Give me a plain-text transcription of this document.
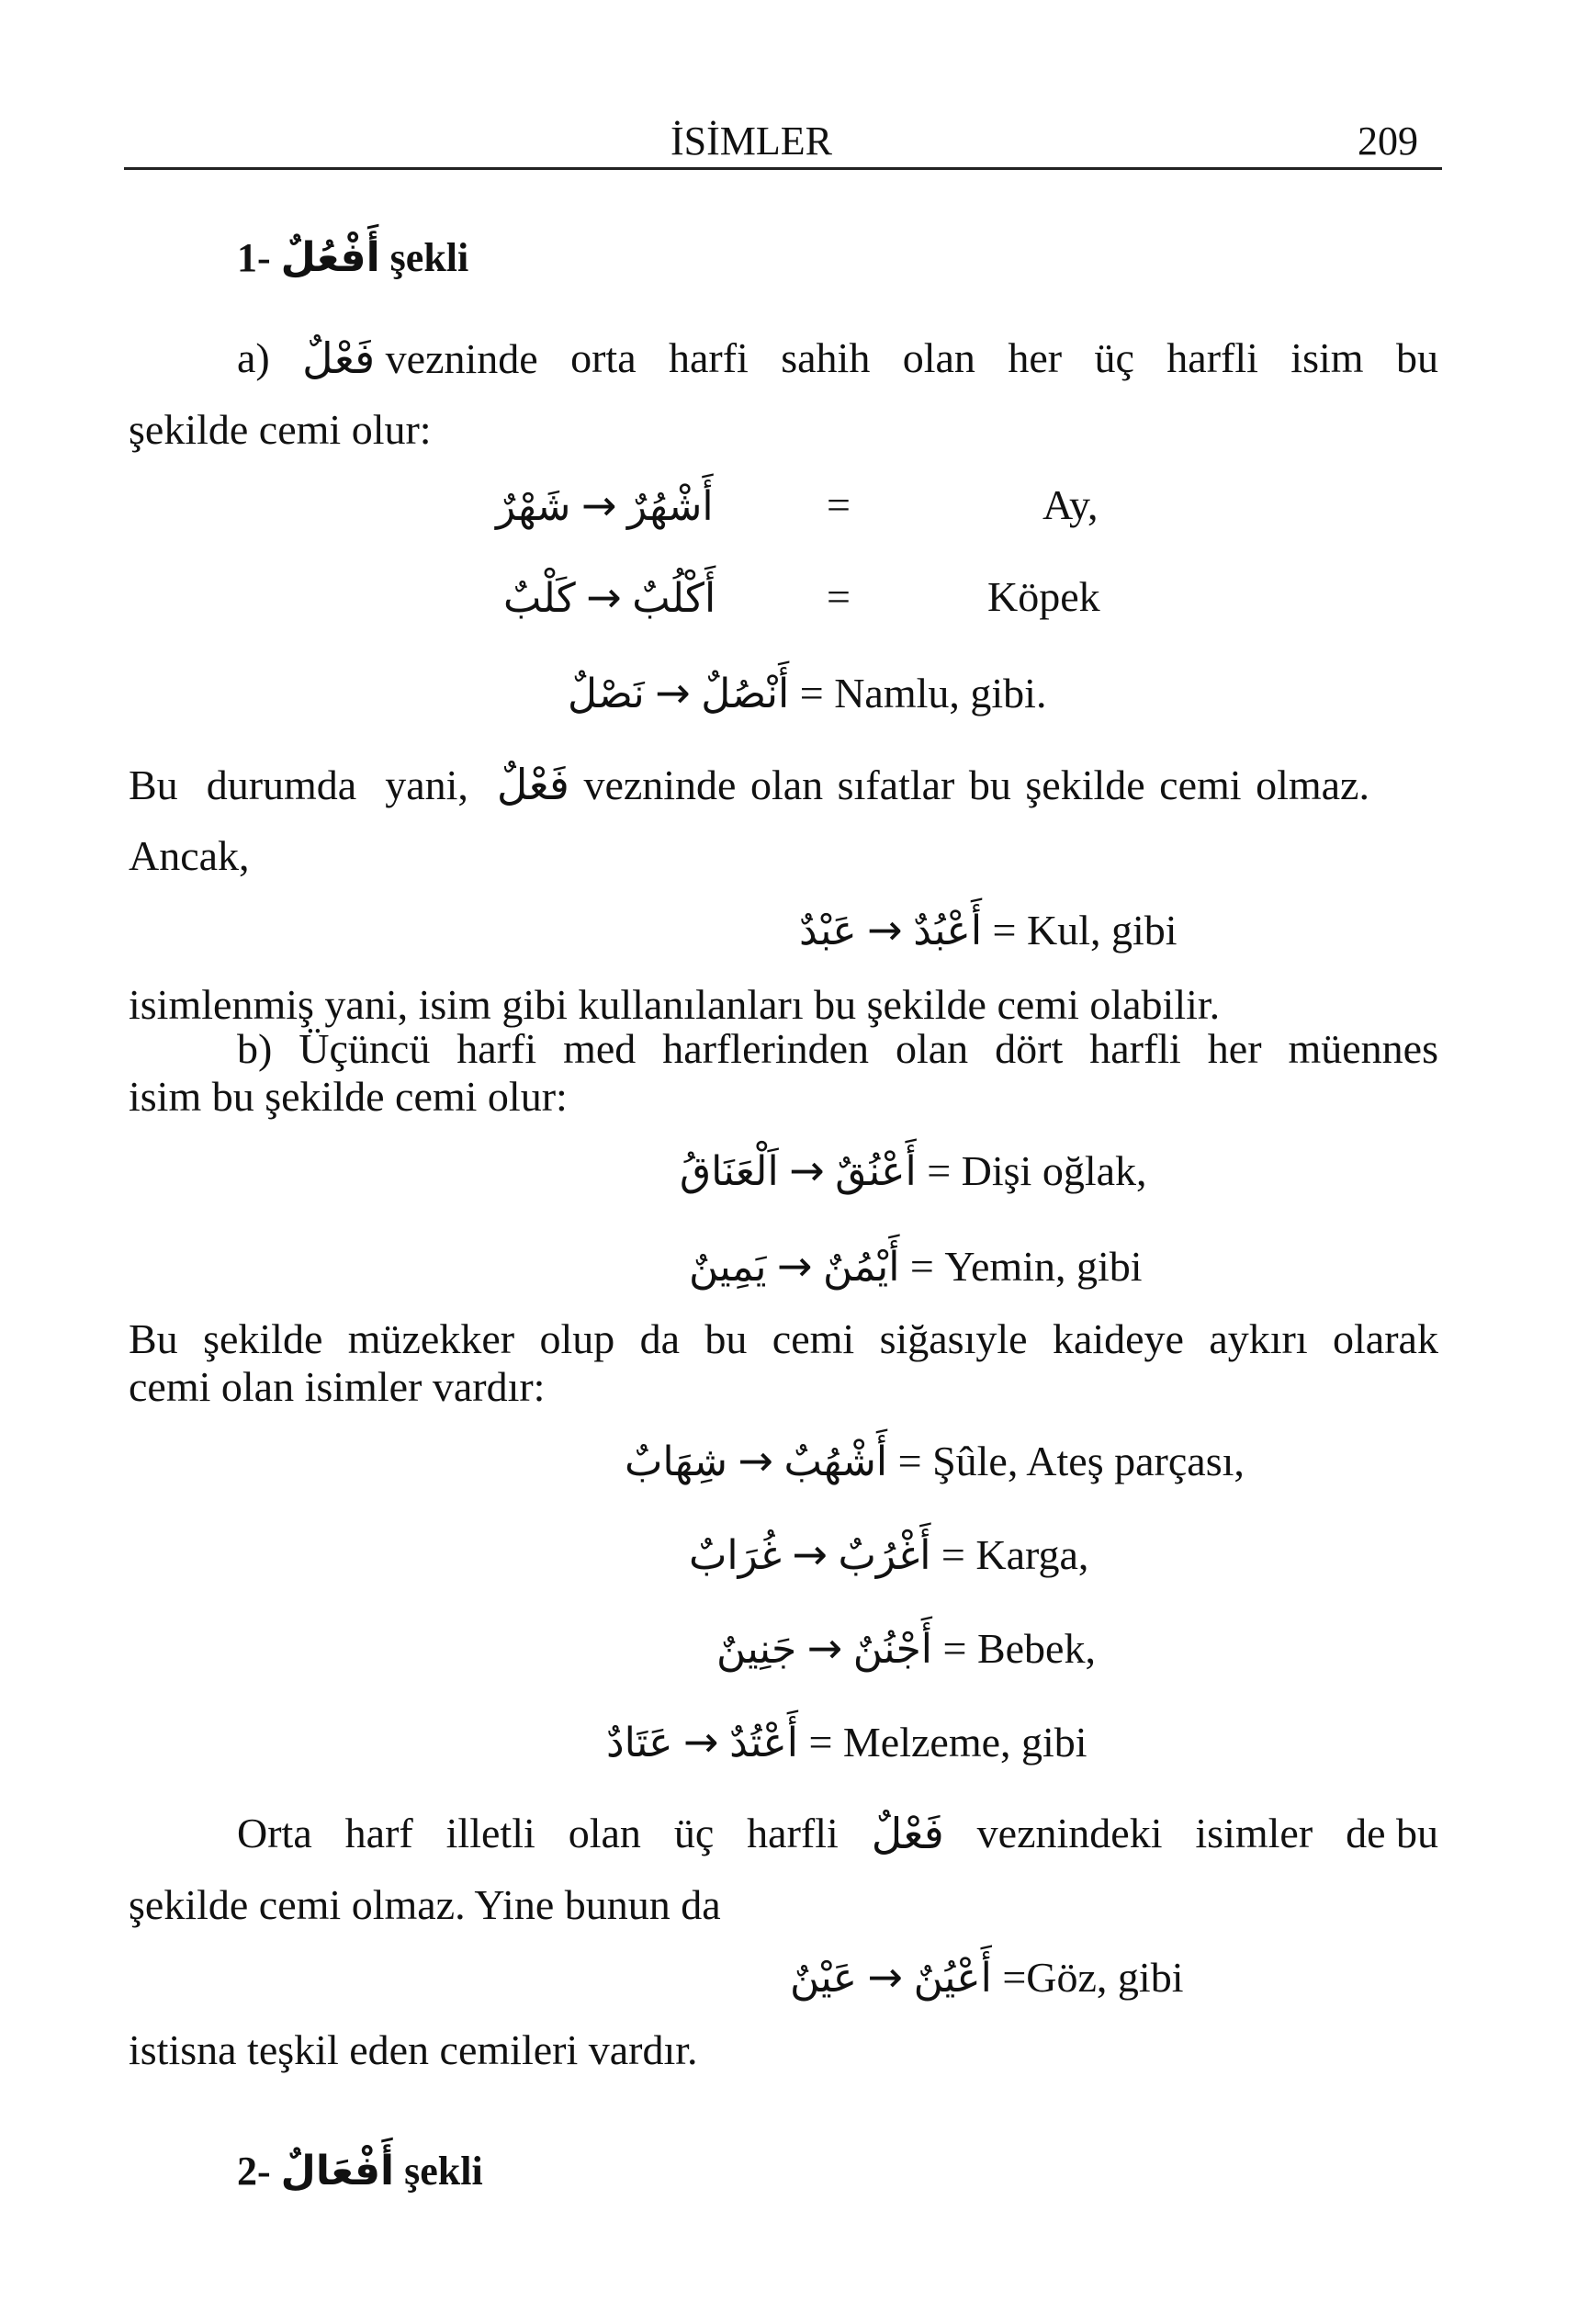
İSİMLER	209
1- أَفْعُلٌ şekli
a) فَعْلٌ vezninde orta harfi sahih olan her üç harfli isim bu
şekilde cemi olur:
شَهْرٌ → أَشْهُرٌ	=	Ay,
كَلْبٌ → أَكْلُبٌ	=	Köpek
نَصْلٌ → أَنْصُلٌ = Namlu, gibi.
Bu durumda yani, فَعْلٌ vezninde olan sıfatlar bu şekilde cemi olmaz.
Ancak,
عَبْدٌ → أَعْبُدٌ = Kul, gibi
isimlenmiş yani, isim gibi kullanılanları bu şekilde cemi olabilir.
b) Üçüncü harfi med harflerinden olan dört harfli her müennes
isim bu şekilde cemi olur:
اَلْعَنَاقُ → أَعْنُقٌ = Dişi oğlak,
يَمِينٌ → أَيْمُنٌ = Yemin, gibi
Bu şekilde müzekker olup da bu cemi siğasıyle kaideye aykırı olarak
cemi olan isimler vardır:
شِهَابٌ → أَشْهُبٌ = Şûle, Ateş parçası,
غُرَابٌ → أَغْرُبٌ = Karga,
جَنِينٌ → أَجْنُنٌ = Bebek,
عَتَادٌ → أَعْتُدٌ = Melzeme, gibi
Orta harf illetli olan üç harfli فَعْلٌ veznindeki isimler de bu
şekilde cemi olmaz. Yine bunun da
عَيْنٌ → أَعْيُنٌ =Göz, gibi
istisna teşkil eden cemileri vardır.
2- أَفْعَالٌ şekli
